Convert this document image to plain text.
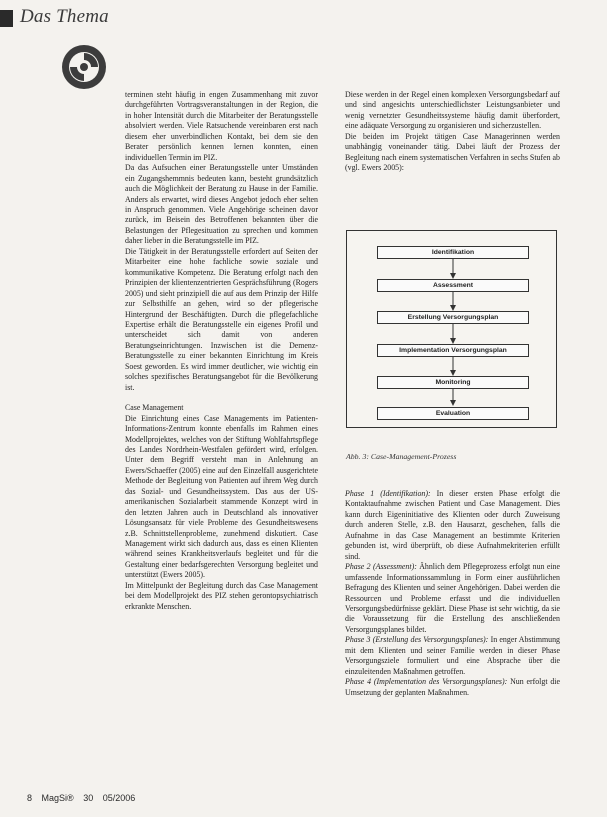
Das Thema

terminen steht häufig in engen Zusammenhang mit zuvor durchgeführten Vortragsveranstaltungen in der Region, die in hoher Intensität durch die Mitarbeiter der Beratungsstelle absolviert werden. Viele Ratsuchende vereinbaren erst nach diesem eher unverbindlichen Kontakt, bei dem sie den Berater persönlich kennen lernen konnten, einen individuellen Termin im PIZ.

Da das Aufsuchen einer Beratungsstelle unter Umständen ein Zugangshemmnis bedeuten kann, besteht grundsätzlich auch die Möglichkeit der Beratung zu Hause in der Familie. Anders als erwartet, wird dieses Angebot jedoch eher selten in Anspruch genommen. Viele Angehörige scheinen davor zurück, im Beisein des Betroffenen bekannten über die Belastungen der Pflegesituation zu sprechen und kommen daher lieber in die Beratungsstelle im PIZ.

Die Tätigkeit in der Beratungsstelle erfordert auf Seiten der Mitarbeiter eine hohe fachliche sowie soziale und kommunikative Kompetenz. Die Beratung erfolgt nach den Prinzipien der klientenzentrierten Gesprächsführung (Rogers 2005) und sieht prinzipiell die auf aus dem Prinzip der Hilfe zur Selbsthilfe an gehen, wird so der pflegerische Hintergrund der Beschäftigten. Durch die pflegefachliche Expertise erhält die Beratungsstelle ein eigenes Profil und unterscheidet sich damit von anderen Beratungseinrichtungen. Inzwischen ist die Demenz-Beratungsstelle zu einer bekannten Einrichtung im Kreis Soest geworden. Es wird immer deutlicher, wie wichtig ein solches spezifisches Beratungsangebot für die Bevölkerung ist.

Case Management

Die Einrichtung eines Case Managements im Patienten-Informations-Zentrum konnte ebenfalls im Rahmen eines Modellprojektes, welches von der Stiftung Wohlfahrtspflege des Landes Nordrhein-Westfalen gefördert wird, erfolgen. Unter dem Begriff versteht man in Anlehnung an Ewers/Schaeffer (2005) eine auf den Einzelfall ausgerichtete Methode der Begleitung von Patienten auf ihrem Weg durch das Sozial- und Gesundheitssystem. Das aus der US-amerikanischen Sozialarbeit stammende Konzept wird in den letzten Jahren auch in Deutschland als innovativer Lösungsansatz für viele Probleme des Gesundheitswesens z.B. Schnittstellenprobleme, zunehmend diskutiert. Case Management wirkt sich dadurch aus, dass es einen Klienten während seines Krankheitsverlaufs begleitet und für die Gestaltung einer bedarfsgerechten Versorgung begleitet und unterstützt (Ewers 2005).

Im Mittelpunkt der Begleitung durch das Case Management bei dem Modellprojekt des PIZ stehen gerontopsychiatrisch erkrankte Menschen.

Diese werden in der Regel einen komplexen Versorgungsbedarf auf und sind angesichts unterschiedlichster Leistungsanbieter und wenig vernetzter Gesundheitssysteme häufig damit überfordert, eine adäquate Versorgung zu organisieren und sicherzustellen.

Die beiden im Projekt tätigen Case Managerinnen werden unabhängig voneinander tätig. Dabei läuft der Prozess der Begleitung nach einem systematischen Verfahren in sechs Stufen ab (vgl. Ewers 2005):

Identifikation
Assessment
Erstellung Versorgungsplan
Implementation Versorgungsplan
Monitoring
Evaluation
Abb. 3: Case-Management-Prozess

Phase 1 (Identifikation): In dieser ersten Phase erfolgt die Kontaktaufnahme zwischen Patient und Case Management. Dies kann durch Eigeninitiative des Klienten oder durch Zuweisung durch anderen Stelle, z.B. den Hausarzt, geschehen, falls die Aufnahme in das Case Management an bestimmte Kriterien gebunden ist, wird überprüft, ob diese Aufnahmekriterien erfüllt sind.

Phase 2 (Assessment): Ähnlich dem Pflegeprozess erfolgt nun eine umfassende Informationssammlung in Form einer ausführlichen Befragung des Klienten und seiner Angehörigen. Dabei werden die Ressourcen und Probleme erfasst und die individuellen Versorgungsbedürfnisse geklärt. Diese Phase ist sehr wichtig, da sie die Voraussetzung für die Erstellung des anschließenden Versorgungsplanes bildet.

Phase 3 (Erstellung des Versorgungsplanes): In enger Abstimmung mit dem Klienten und seiner Familie werden in dieser Phase Versorgungsziele formuliert und eine Absprache über die einzuleitenden Maßnahmen getroffen.

Phase 4 (Implementation des Versorgungsplanes): Nun erfolgt die Umsetzung der geplanten Maßnahmen.

8 MagSi® 30 05/2006
